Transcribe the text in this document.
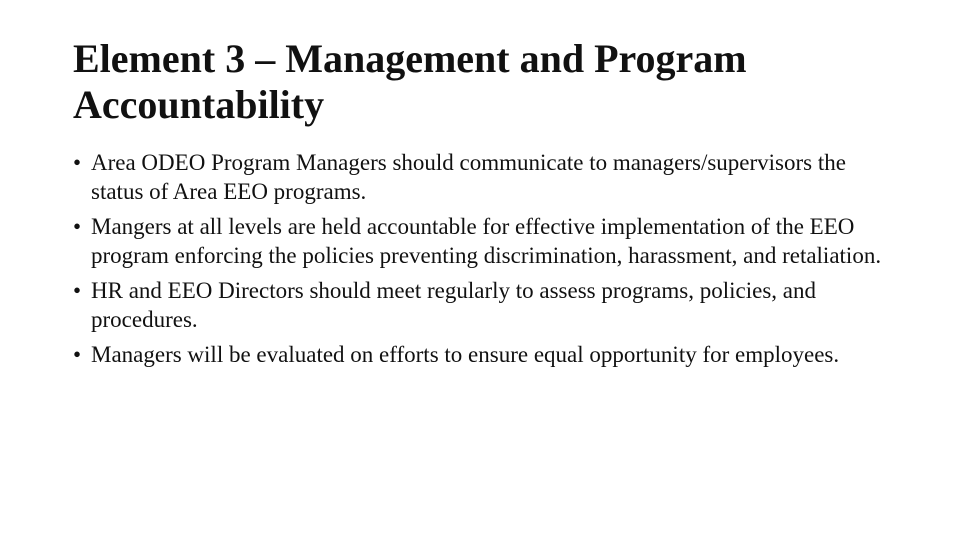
Element 3 – Management and Program Accountability
• Area ODEO Program Managers should communicate to managers/supervisors the status of Area EEO programs.
• Mangers at all levels are held accountable for effective implementation of the EEO program enforcing the policies preventing discrimination, harassment, and retaliation.
• HR and EEO Directors should meet regularly to assess programs, policies, and procedures.
• Managers will be evaluated on efforts to ensure equal opportunity for employees.
